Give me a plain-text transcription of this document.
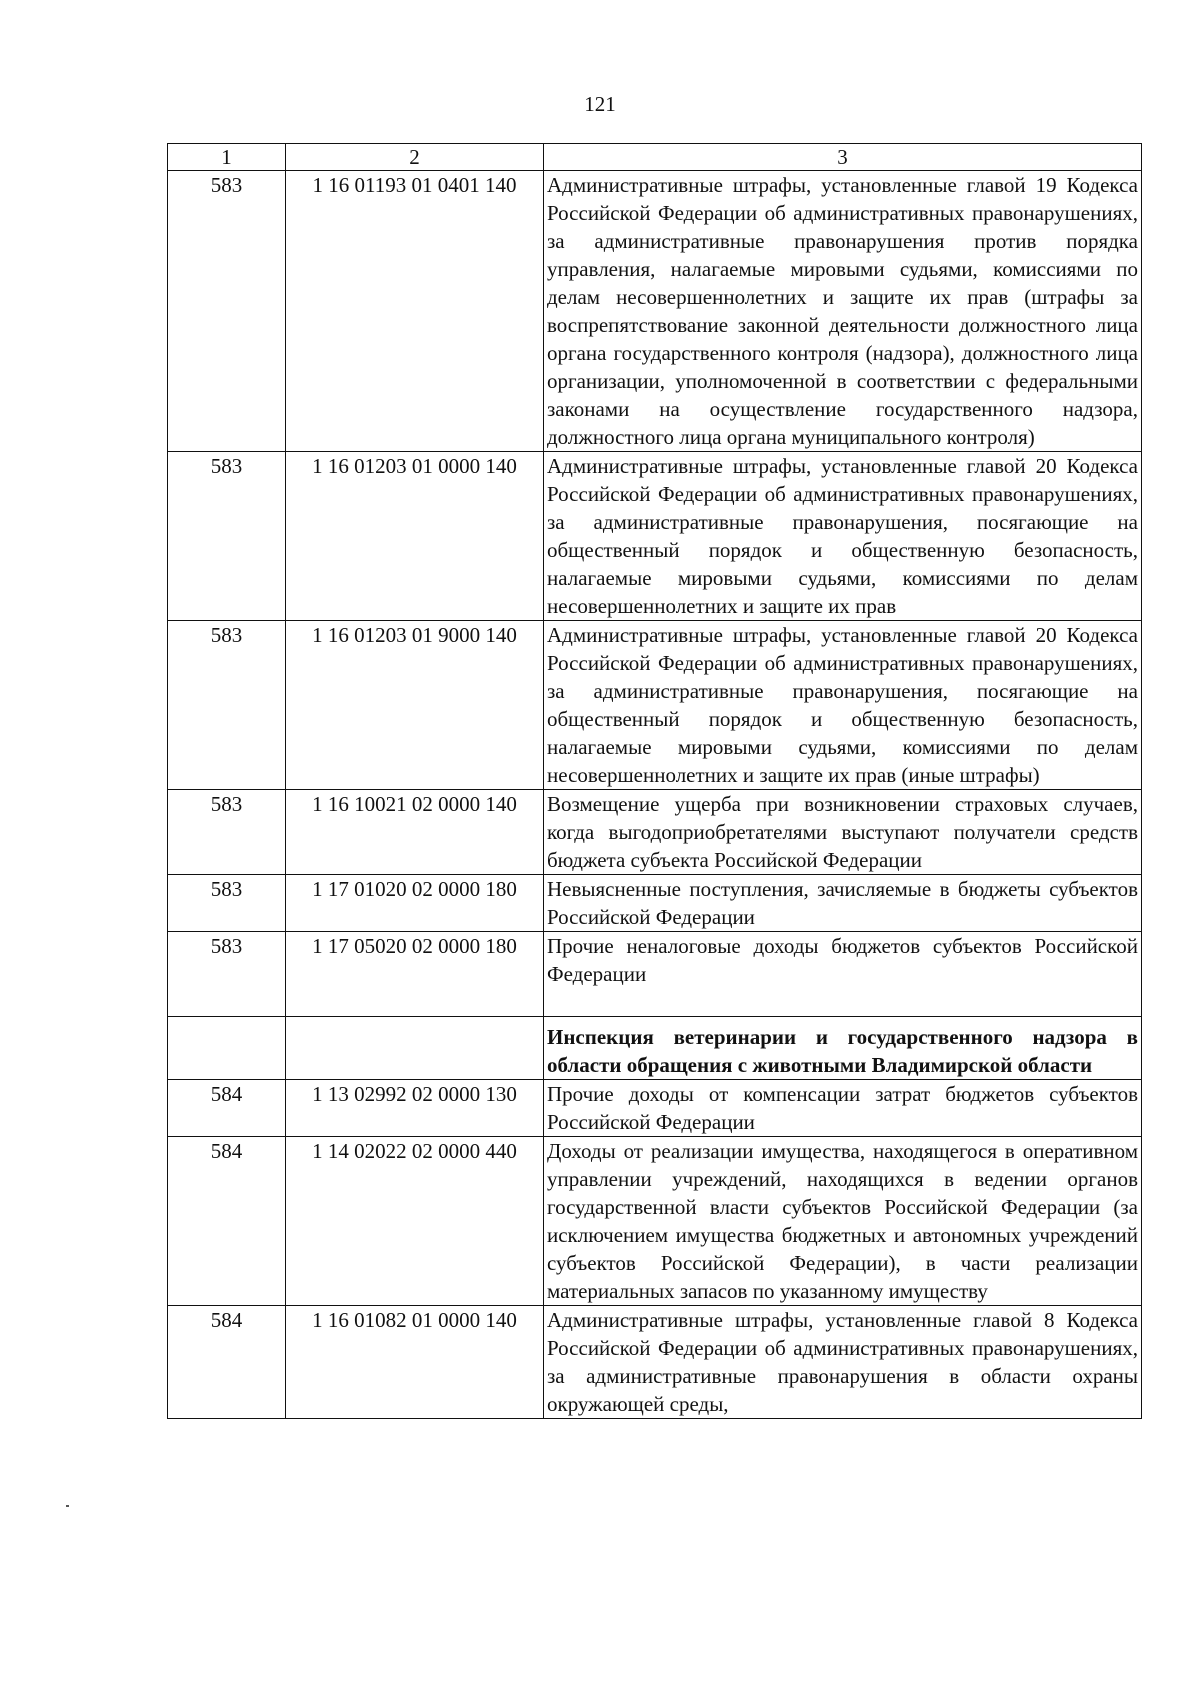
121
1	2	3
583	1 16 01193 01 0401 140	Административные штрафы, установленные главой 19 Кодекса Российской Федерации об административных правонарушениях, за административные правонарушения против порядка управления, налагаемые мировыми судьями, комиссиями по делам несовершеннолетних и защите их прав (штрафы за воспрепятствование законной деятельности должностного лица органа государственного контроля (надзора), должностного лица организации, уполномоченной в соответствии с федеральными законами на осуществление государственного надзора, должностного лица органа муниципального контроля)
583	1 16 01203 01 0000 140	Административные штрафы, установленные главой 20 Кодекса Российской Федерации об административных правонарушениях, за административные правонарушения, посягающие на общественный порядок и общественную безопасность, налагаемые мировыми судьями, комиссиями по делам несовершеннолетних и защите их прав
583	1 16 01203 01 9000 140	Административные штрафы, установленные главой 20 Кодекса Российской Федерации об административных правонарушениях, за административные правонарушения, посягающие на общественный порядок и общественную безопасность, налагаемые мировыми судьями, комиссиями по делам несовершеннолетних и защите их прав (иные штрафы)
583	1 16 10021 02 0000 140	Возмещение ущерба при возникновении страховых случаев, когда выгодоприобретателями выступают получатели средств бюджета субъекта Российской Федерации
583	1 17 01020 02 0000 180	Невыясненные поступления, зачисляемые в бюджеты субъектов Российской Федерации
583	1 17 05020 02 0000 180	Прочие неналоговые доходы бюджетов субъектов Российской Федерации
		Инспекция ветеринарии и государственного надзора в области обращения с животными Владимирской области
584	1 13 02992 02 0000 130	Прочие доходы от компенсации затрат бюджетов субъектов Российской Федерации
584	1 14 02022 02 0000 440	Доходы от реализации имущества, находящегося в оперативном управлении учреждений, находящихся в ведении органов государственной власти субъектов Российской Федерации (за исключением имущества бюджетных и автономных учреждений субъектов Российской Федерации), в части реализации материальных запасов по указанному имуществу
584	1 16 01082 01 0000 140	Административные штрафы, установленные главой 8 Кодекса Российской Федерации об административных правонарушениях, за административные правонарушения в области охраны окружающей среды,
